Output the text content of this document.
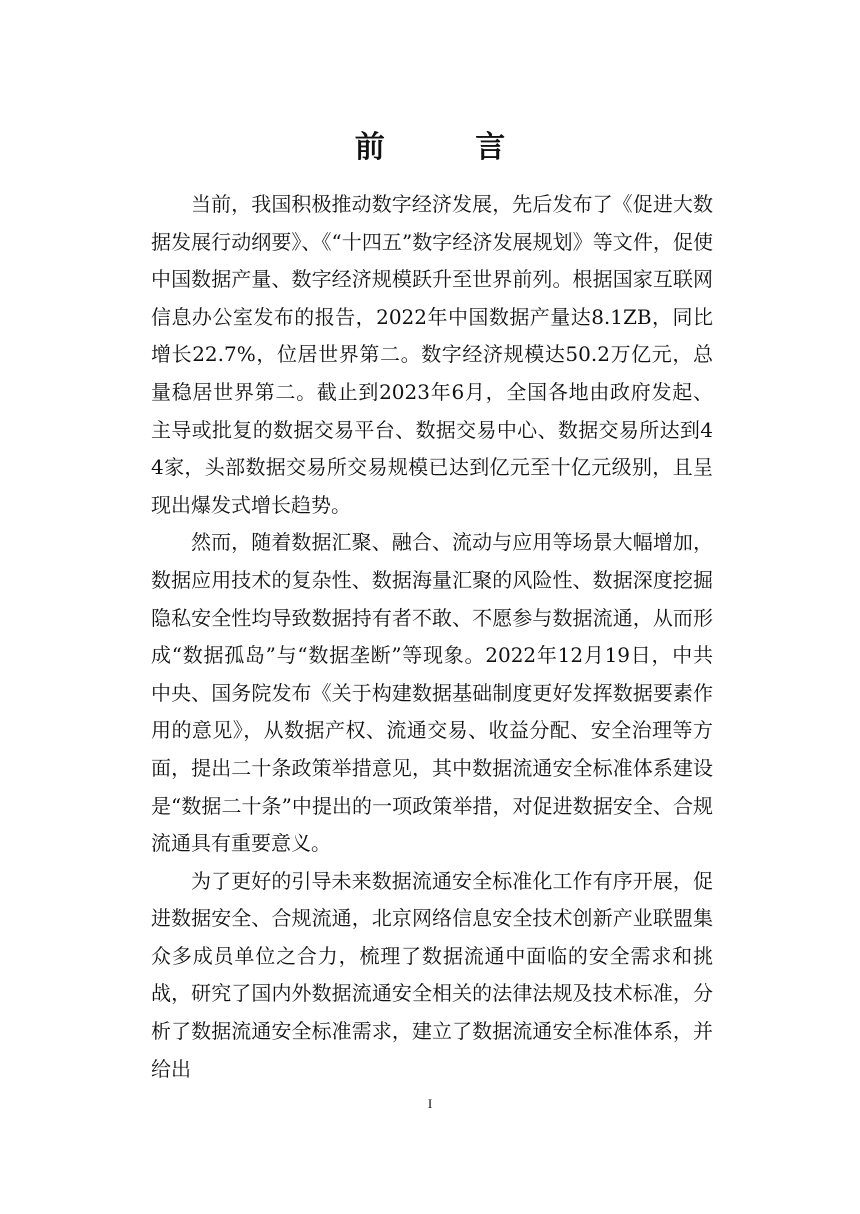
前 言

当前，我国积极推动数字经济发展，先后发布了《促进大数据发展行动纲要》、《“十四五”数字经济发展规划》等文件，促使中国数据产量、数字经济规模跃升至世界前列。根据国家互联网信息办公室发布的报告，2022年中国数据产量达8.1ZB，同比增长22.7%，位居世界第二。数字经济规模达50.2万亿元，总量稳居世界第二。截止到2023年6月，全国各地由政府发起、主导或批复的数据交易平台、数据交易中心、数据交易所达到44家，头部数据交易所交易规模已达到亿元至十亿元级别，且呈现出爆发式增长趋势。

然而，随着数据汇聚、融合、流动与应用等场景大幅增加，数据应用技术的复杂性、数据海量汇聚的风险性、数据深度挖掘隐私安全性均导致数据持有者不敢、不愿参与数据流通，从而形成“数据孤岛”与“数据垄断”等现象。2022年12月19日，中共中央、国务院发布《关于构建数据基础制度更好发挥数据要素作用的意见》，从数据产权、流通交易、收益分配、安全治理等方面，提出二十条政策举措意见，其中数据流通安全标准体系建设是“数据二十条”中提出的一项政策举措，对促进数据安全、合规流通具有重要意义。

为了更好的引导未来数据流通安全标准化工作有序开展，促进数据安全、合规流通，北京网络信息安全技术创新产业联盟集众多成员单位之合力，梳理了数据流通中面临的安全需求和挑战，研究了国内外数据流通安全相关的法律法规及技术标准，分析了数据流通安全标准需求，建立了数据流通安全标准体系，并给出

I
